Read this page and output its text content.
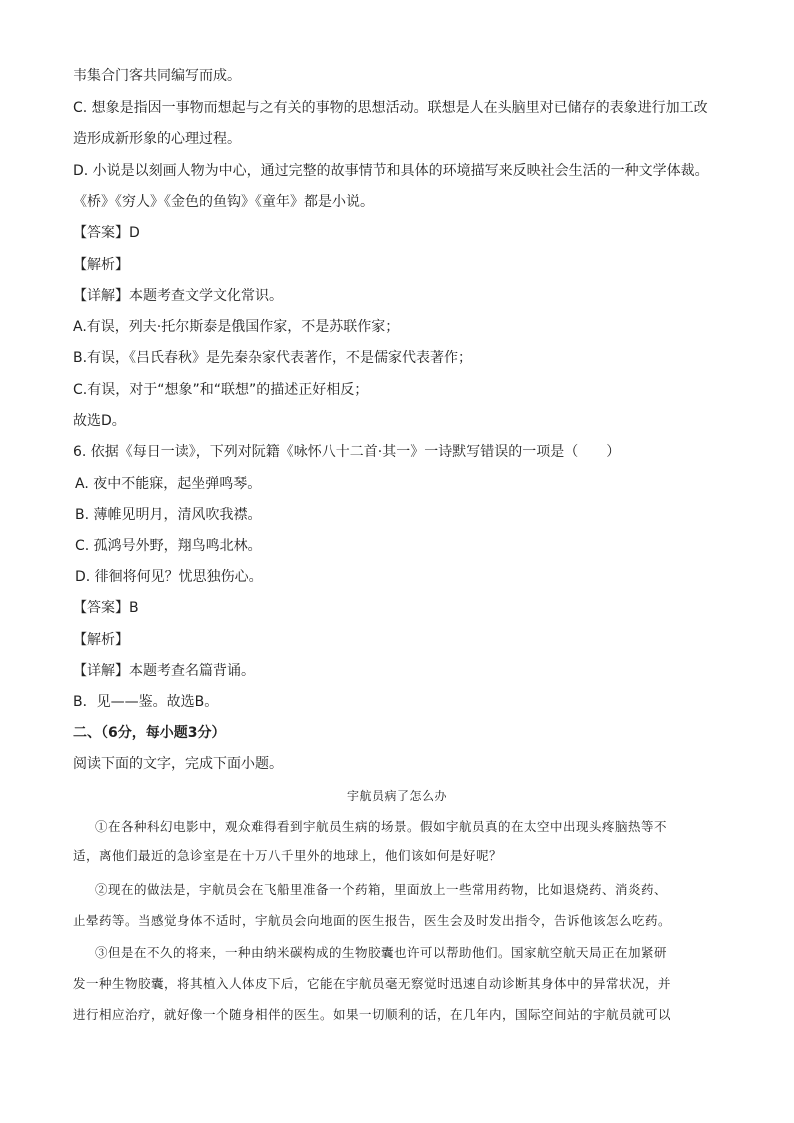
韦集合门客共同编写而成。
C. 想象是指因一事物而想起与之有关的事物的思想活动。联想是人在头脑里对已储存的表象进行加工改
造形成新形象的心理过程。
D. 小说是以刻画人物为中心，通过完整的故事情节和具体的环境描写来反映社会生活的一种文学体裁。
《桥》《穷人》《金色的鱼钩》《童年》都是小说。
【答案】D
【解析】
【详解】本题考查文学文化常识。
A.有误，列夫·托尔斯泰是俄国作家，不是苏联作家；
B.有误，《吕氏春秋》是先秦杂家代表著作，不是儒家代表著作；
C.有误，对于“想象”和“联想”的描述正好相反；
故选D。
6. 依据《每日一读》，下列对阮籍《咏怀八十二首·其一》一诗默写错误的一项是（　　）
A. 夜中不能寐，起坐弹鸣琴。
B. 薄帷见明月，清风吹我襟。
C. 孤鸿号外野，翔鸟鸣北林。
D. 徘徊将何见？忧思独伤心。
【答案】B
【解析】
【详解】本题考查名篇背诵。
B．见——鉴。故选B。
二、（6分，每小题3分）
阅读下面的文字，完成下面小题。
宇航员病了怎么办
①在各种科幻电影中，观众难得看到宇航员生病的场景。假如宇航员真的在太空中出现头疼脑热等不
适，离他们最近的急诊室是在十万八千里外的地球上，他们该如何是好呢？
②现在的做法是，宇航员会在飞船里准备一个药箱，里面放上一些常用药物，比如退烧药、消炎药、
止晕药等。当感觉身体不适时，宇航员会向地面的医生报告，医生会及时发出指令，告诉他该怎么吃药。
③但是在不久的将来，一种由纳米碳构成的生物胶囊也许可以帮助他们。国家航空航天局正在加紧研
发一种生物胶囊，将其植入人体皮下后，它能在宇航员毫无察觉时迅速自动诊断其身体中的异常状况，并
进行相应治疗，就好像一个随身相伴的医生。如果一切顺利的话，在几年内，国际空间站的宇航员就可以
